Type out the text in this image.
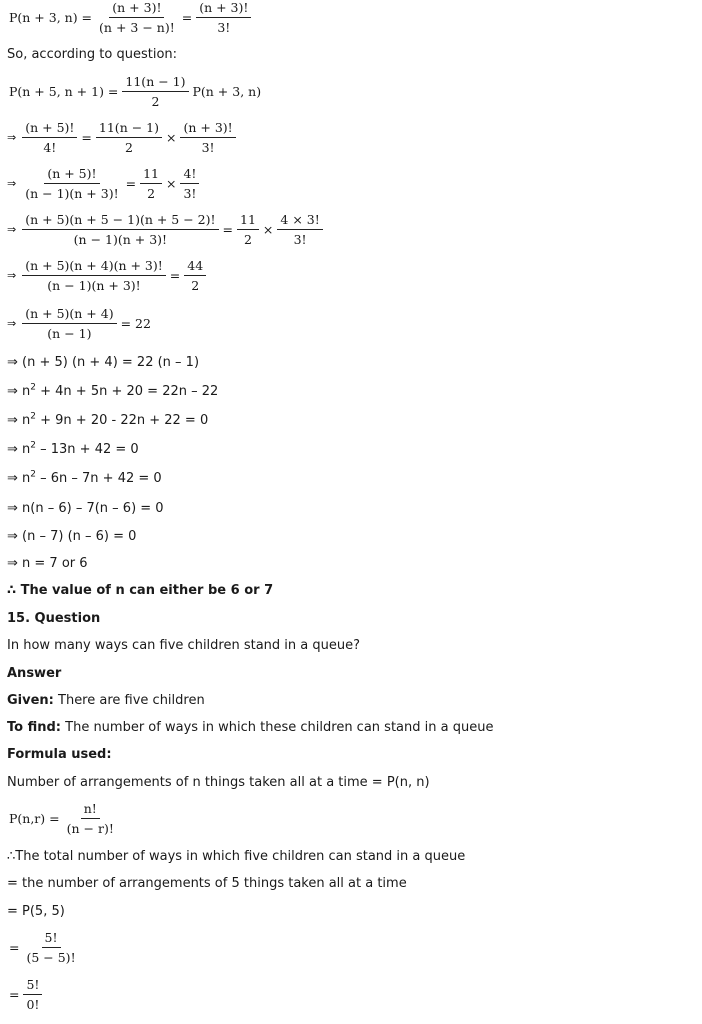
P(n + 3, $n) = \frac{(n + 3)!}{(n + 3 - n)!} = \frac{(n + 3)!}{3!}$
So, according to question:
P(n + 5, $n + 1) = \frac{11(n - 1)}{2} P(n + 3$, n)
⇒ $\frac{(n + 5)!}{4!} = \frac{11(n - 1)}{2} \times \frac{(n + 3)!}{3!}$
⇒ $\frac{(n + 5)!}{(n - 1)(n + 3)!} = \frac{11}{2} \times \frac{4!}{3!}$
⇒ $\frac{(n + 5)(n + 5 - 1)(n + 5 - 2)!}{(n - 1)(n + 3)!} = \frac{11}{2} \times \frac{4 \times 3!}{3!}$
⇒ $\frac{(n + 5)(n + 4)(n + 3)!}{(n - 1)(n + 3)!} = \frac{44}{2}$
⇒ $\frac{(n + 5)(n + 4)}{(n - 1)} = 22$
⇒ (n + 5) (n + 4) = 22 (n – 1)
⇒ $n^2 + 4n + 5n + 20 = 22n - 22$
⇒ $n^2 + 9n + 20 - 22n + 22 = 0$
⇒ $n^2 - 13n + 42 = 0$
⇒ $n^2 - 6n - 7n + 42 = 0$
⇒ n(n – 6) – 7(n – 6) = 0
⇒ (n – 7) (n – 6) = 0
⇒ n = 7 or 6
∴ The value of n can either be 6 or 7
15. Question
In how many ways can five children stand in a queue?
Answer
Given: There are five children
To find: The number of ways in which these children can stand in a queue
Formula used:
Number of arrangements of n things taken all at a time = P(n, n)
$P(n,r) = \frac{n!}{(n - r)!}$
∴The total number of ways in which five children can stand in a queue
= the number of arrangements of 5 things taken all at a time
= P(5, 5)
= $\frac{5!}{(5 - 5)!}$
= $\frac{5!}{0!}$
